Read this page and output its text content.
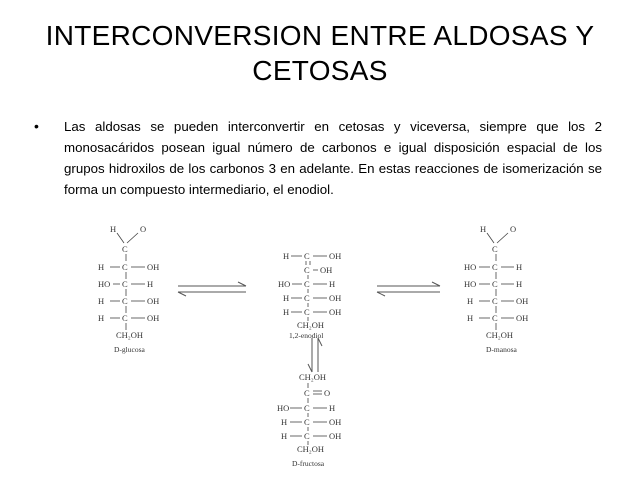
INTERCONVERSION ENTRE ALDOSAS Y
CETOSAS
• Las aldosas se pueden interconvertir en cetosas y viceversa, siempre que los 2 monosacáridos posean igual número de carbonos e igual disposición espacial de los grupos hidroxilos de los carbonos 3 en adelante. En estas reacciones de isomerización se forma un compuesto intermediario, el enodiol.
H	O
C
H C OH
HO C H
H C OH
H C OH
CH₂OH
D-glucosa
H C OH
C OH
HO C H
H C OH
H C OH
CH₂OH
1,2-enodiol
H	O
C
HO C H
HO C H
H C OH
H C OH
CH₂OH
D-manosa
CH₂OH
C O
HO C H
H C OH
H C OH
CH₂OH
D-fructosa
